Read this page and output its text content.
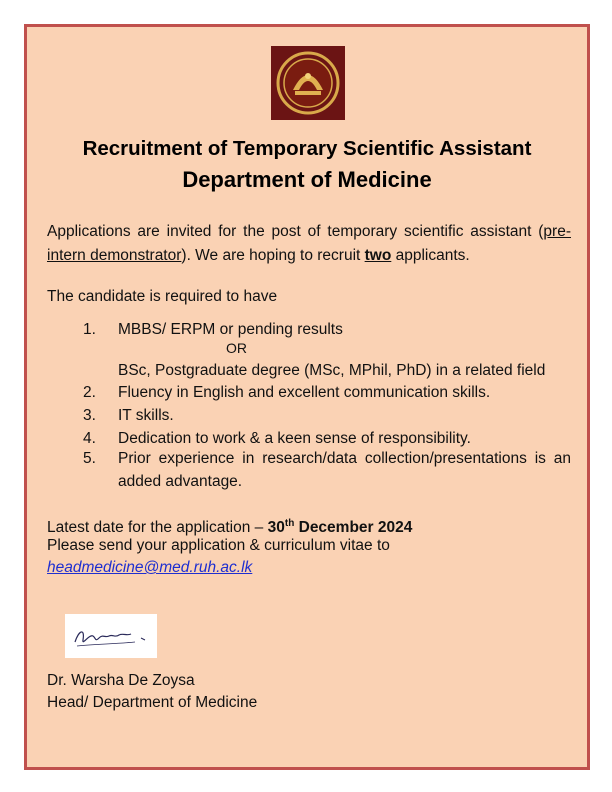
Recruitment of Temporary Scientific Assistant
Department of Medicine
Applications are invited for the post of temporary scientific assistant (pre-intern demonstrator). We are hoping to recruit two applicants.
The candidate is required to have
1. MBBS/ ERPM or pending results
OR
BSc, Postgraduate degree (MSc, MPhil, PhD) in a related field
2. Fluency in English and excellent communication skills.
3. IT skills.
4. Dedication to work & a keen sense of responsibility.
5. Prior experience in research/data collection/presentations is an added advantage.
Latest date for the application – 30th December 2024
Please send your application & curriculum vitae to
headmedicine@med.ruh.ac.lk
Dr. Warsha De Zoysa
Head/ Department of Medicine
